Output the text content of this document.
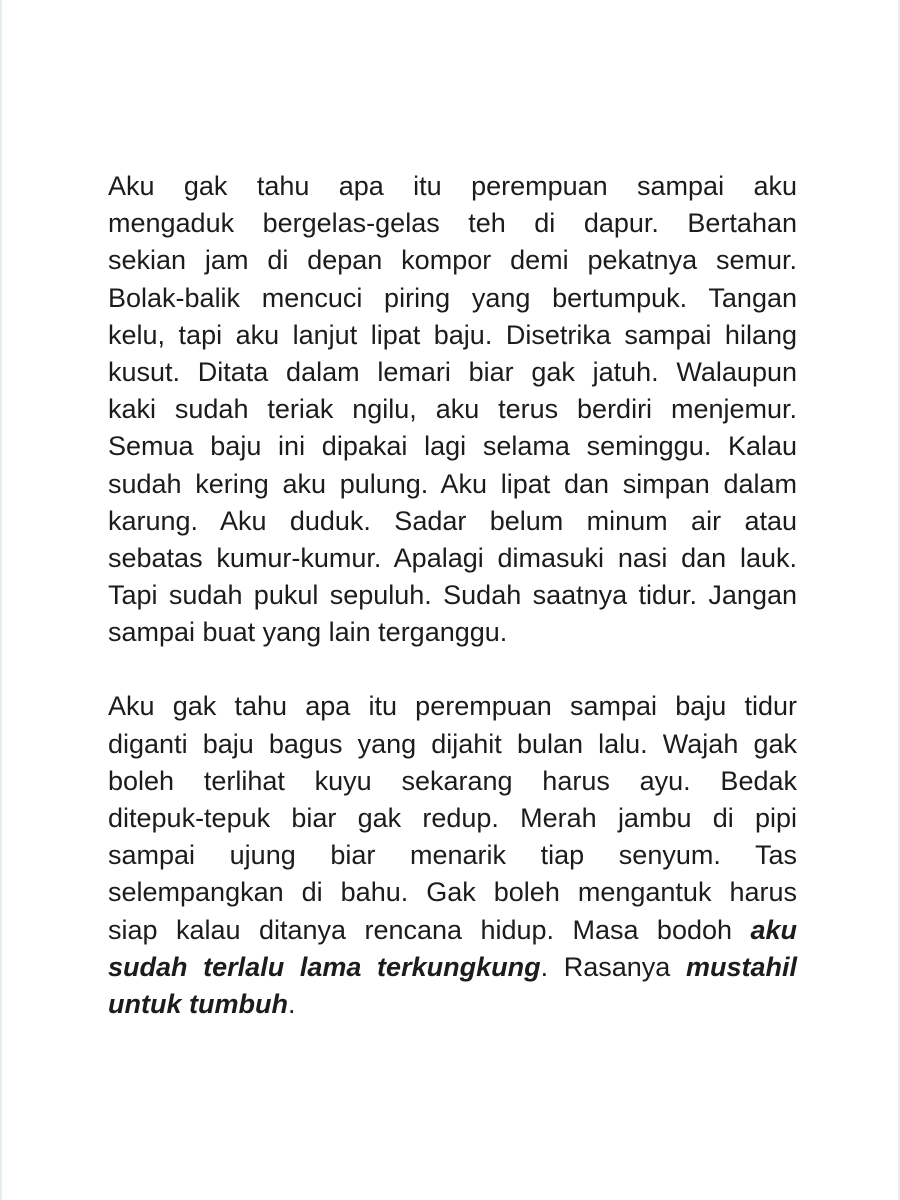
Aku gak tahu apa itu perempuan sampai aku
mengaduk bergelas-gelas teh di dapur. Bertahan
sekian jam di depan kompor demi pekatnya semur.
Bolak-balik mencuci piring yang bertumpuk. Tangan
kelu, tapi aku lanjut lipat baju. Disetrika sampai hilang
kusut. Ditata dalam lemari biar gak jatuh. Walaupun
kaki sudah teriak ngilu, aku terus berdiri menjemur.
Semua baju ini dipakai lagi selama seminggu. Kalau
sudah kering aku pulung. Aku lipat dan simpan dalam
karung. Aku duduk. Sadar belum minum air atau
sebatas kumur-kumur. Apalagi dimasuki nasi dan lauk.
Tapi sudah pukul sepuluh. Sudah saatnya tidur. Jangan
sampai buat yang lain terganggu.

Aku gak tahu apa itu perempuan sampai baju tidur
diganti baju bagus yang dijahit bulan lalu. Wajah gak
boleh terlihat kuyu sekarang harus ayu. Bedak
ditepuk-tepuk biar gak redup. Merah jambu di pipi
sampai ujung biar menarik tiap senyum. Tas
selempangkan di bahu. Gak boleh mengantuk harus
siap kalau ditanya rencana hidup. Masa bodoh aku
sudah terlalu lama terkungkung. Rasanya mustahil
untuk tumbuh.
